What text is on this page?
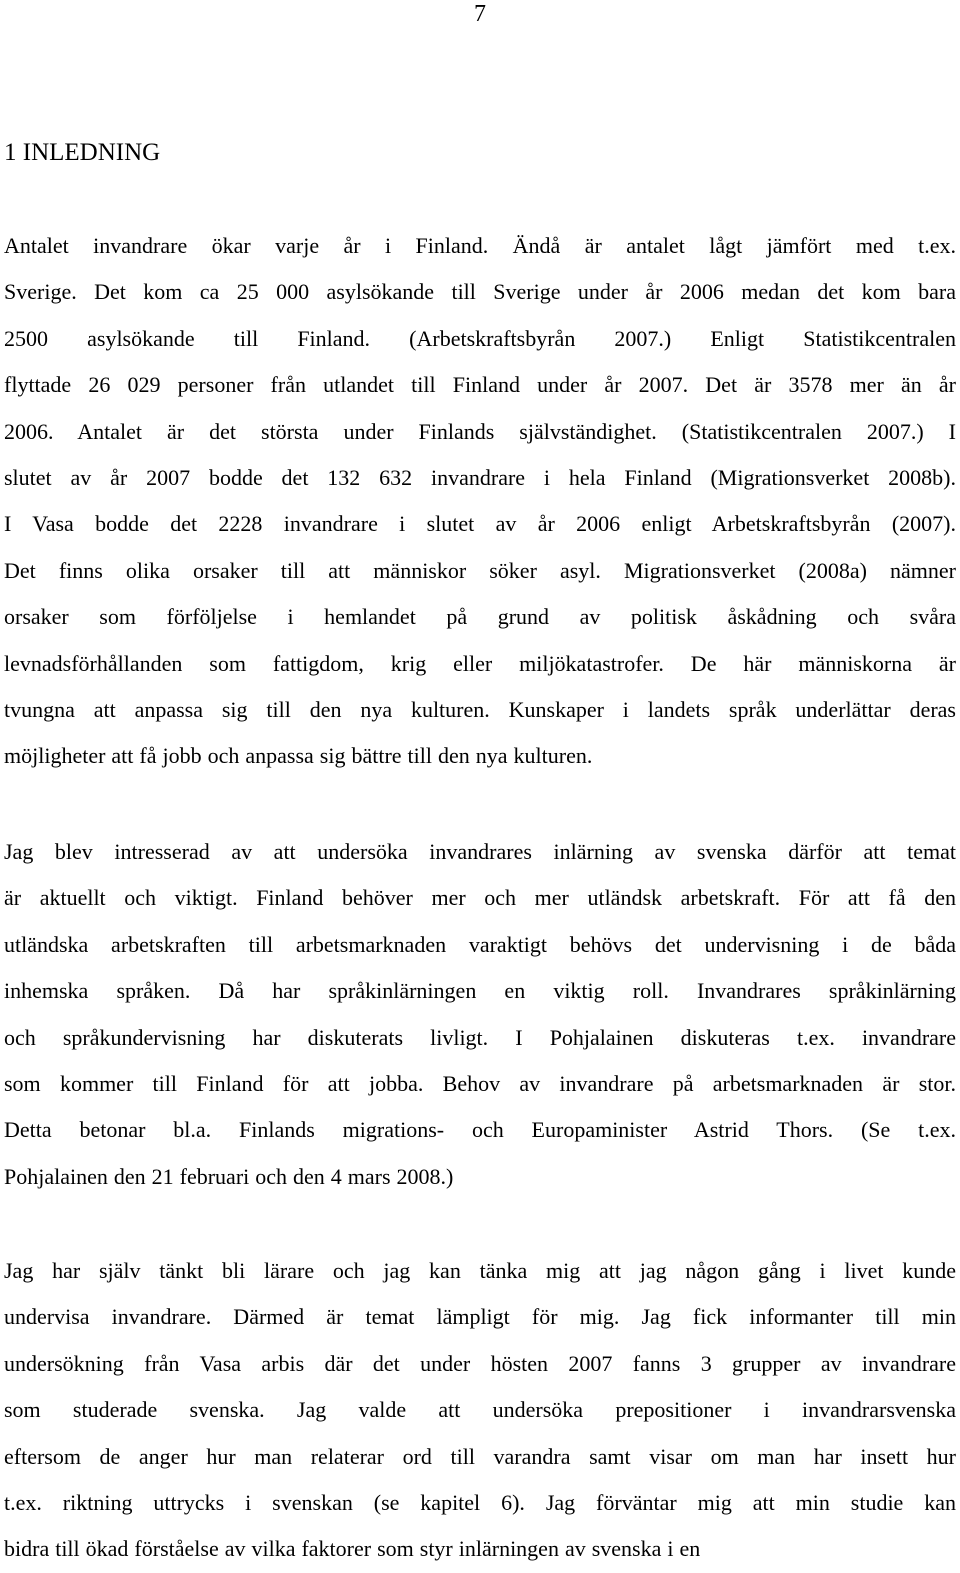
7
1 INLEDNING
Antalet invandrare ökar varje år i Finland. Ändå är antalet lågt jämfört med t.ex.
Sverige. Det kom ca 25 000 asylsökande till Sverige under år 2006 medan det kom bara
2500 asylsökande till Finland. (Arbetskraftsbyrån 2007.) Enligt Statistikcentralen
flyttade 26 029 personer från utlandet till Finland under år 2007. Det är 3578 mer än år
2006. Antalet är det största under Finlands självständighet. (Statistikcentralen 2007.) I
slutet av år 2007 bodde det 132 632 invandrare i hela Finland (Migrationsverket 2008b).
I Vasa bodde det 2228 invandrare i slutet av år 2006 enligt Arbetskraftsbyrån (2007).
Det finns olika orsaker till att människor söker asyl. Migrationsverket (2008a) nämner
orsaker som förföljelse i hemlandet på grund av politisk åskådning och svåra
levnadsförhållanden som fattigdom, krig eller miljökatastrofer. De här människorna är
tvungna att anpassa sig till den nya kulturen. Kunskaper i landets språk underlättar deras
möjligheter att få jobb och anpassa sig bättre till den nya kulturen.
Jag blev intresserad av att undersöka invandrares inlärning av svenska därför att temat
är aktuellt och viktigt. Finland behöver mer och mer utländsk arbetskraft. För att få den
utländska arbetskraften till arbetsmarknaden varaktigt behövs det undervisning i de båda
inhemska språken. Då har språkinlärningen en viktig roll. Invandrares språkinlärning
och språkundervisning har diskuterats livligt. I Pohjalainen diskuteras t.ex. invandrare
som kommer till Finland för att jobba. Behov av invandrare på arbetsmarknaden är stor.
Detta betonar bl.a. Finlands migrations- och Europaminister Astrid Thors. (Se t.ex.
Pohjalainen den 21 februari och den 4 mars 2008.)
Jag har själv tänkt bli lärare och jag kan tänka mig att jag någon gång i livet kunde
undervisa invandrare. Därmed är temat lämpligt för mig. Jag fick informanter till min
undersökning från Vasa arbis där det under hösten 2007 fanns 3 grupper av invandrare
som studerade svenska. Jag valde att undersöka prepositioner i invandrarsvenska
eftersom de anger hur man relaterar ord till varandra samt visar om man har insett hur
t.ex. riktning uttrycks i svenskan (se kapitel 6). Jag förväntar mig att min studie kan
bidra till ökad förståelse av vilka faktorer som styr inlärningen av svenska i en
